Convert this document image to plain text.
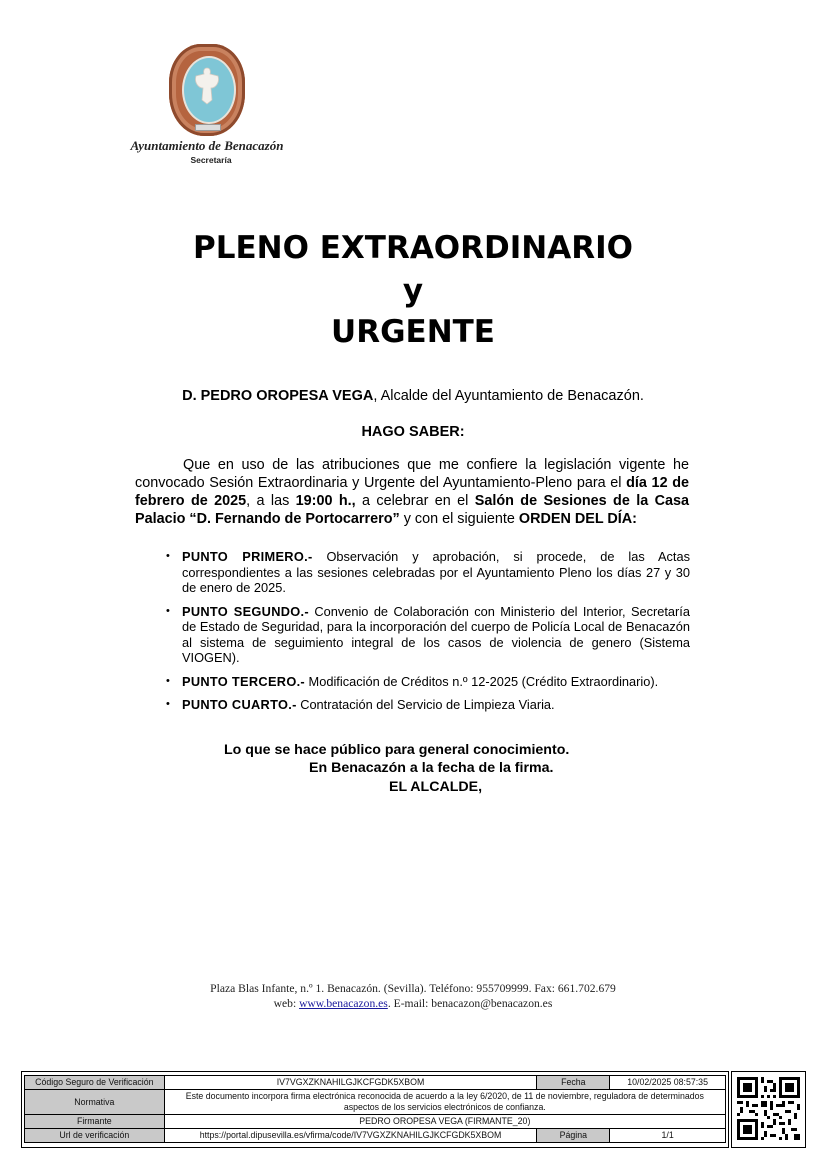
Ayuntamiento de Benacazón
Secretaría
PLENO EXTRAORDINARIO
y
URGENTE
D. PEDRO OROPESA VEGA, Alcalde del Ayuntamiento de Benacazón.
HAGO SABER:
Que en uso de las atribuciones que me confiere la legislación vigente he convocado Sesión Extraordinaria y Urgente del Ayuntamiento-Pleno para el día 12 de febrero de 2025, a las 19:00 h., a celebrar en el Salón de Sesiones de la Casa Palacio “D. Fernando de Portocarrero” y con el siguiente ORDEN DEL DÍA:
• PUNTO PRIMERO.- Observación y aprobación, si procede, de las Actas correspondientes a las sesiones celebradas por el Ayuntamiento Pleno los días 27 y 30 de enero de 2025.
• PUNTO SEGUNDO.- Convenio de Colaboración con Ministerio del Interior, Secretaría de Estado de Seguridad, para la incorporación del cuerpo de Policía Local de Benacazón al sistema de seguimiento integral de los casos de violencia de genero (Sistema VIOGEN).
• PUNTO TERCERO.- Modificación de Créditos n.º 12-2025 (Crédito Extraordinario).
• PUNTO CUARTO.- Contratación del Servicio de Limpieza Viaria.
Lo que se hace público para general conocimiento.
En Benacazón a la fecha de la firma.
EL ALCALDE,
Plaza Blas Infante, n.º 1. Benacazón. (Sevilla). Teléfono: 955709999. Fax: 661.702.679
web: www.benacazon.es. E-mail: benacazon@benacazon.es
Código Seguro de Verificación	IV7VGXZKNAHILGJKCFGDK5XBOM	Fecha	10/02/2025 08:57:35
Normativa	Este documento incorpora firma electrónica reconocida de acuerdo a la ley 6/2020, de 11 de noviembre, reguladora de determinados aspectos de los servicios electrónicos de confianza.		
Firmante	PEDRO OROPESA VEGA (FIRMANTE_20)		
Url de verificación	https://portal.dipusevilla.es/vfirma/code/IV7VGXZKNAHILGJKCFGDK5XBOM	Página	1/1
